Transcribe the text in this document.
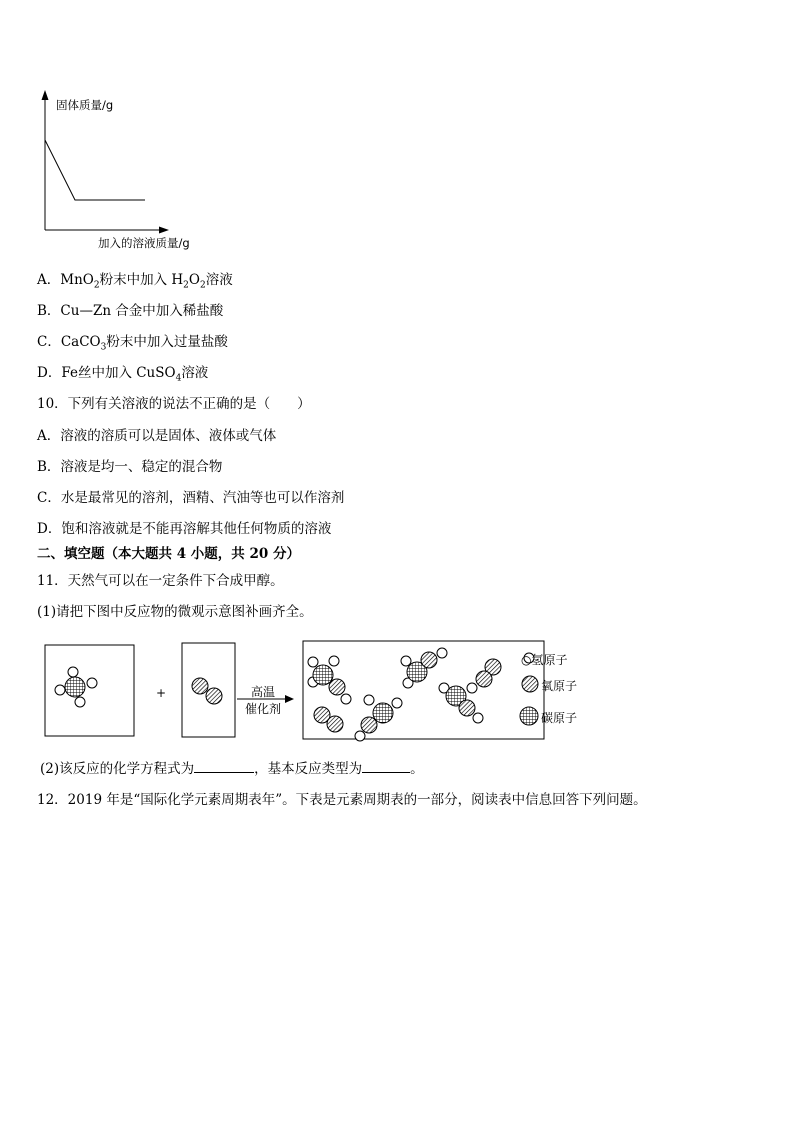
固体质量/g
加入的溶液质量/g
A．MnO$_2$粉末中加入 $H_2O_2$溶液
B．Cu—Zn 合金中加入稀盐酸
C．CaCO$_3$粉末中加入过量盐酸
D．Fe丝中加入 CuSO$_4$溶液
10．下列有关溶液的说法不正确的是（　　）
A．溶液的溶质可以是固体、液体或气体
B．溶液是均一、稳定的混合物
C．水是最常见的溶剂，酒精、汽油等也可以作溶剂
D．饱和溶液就是不能再溶解其他任何物质的溶液
二、填空题（本大题共 4 小题，共 20 分）
11．天然气可以在一定条件下合成甲醇。
(1)请把下图中反应物的微观示意图补画齐全。
+	高温
催化剂
○氢原子
氧原子
碳原子
(2)该反应的化学方程式为	，基本反应类型为	。
12．2019 年是“国际化学元素周期表年”。下表是元素周期表的一部分，阅读表中信息回答下列问题。
